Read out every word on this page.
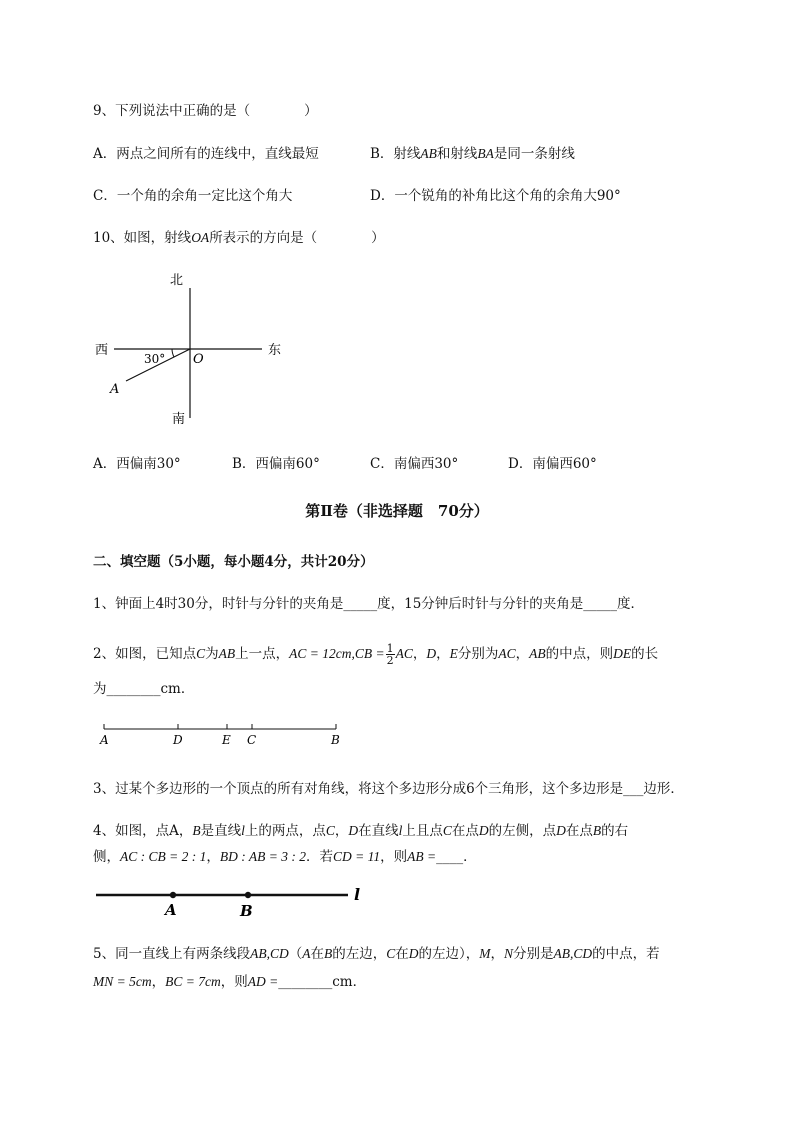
9、下列说法中正确的是（　　　　）
A．两点之间所有的连线中，直线最短	B．射线AB和射线BA是同一条射线
C．一个角的余角一定比这个角大	D．一个锐角的补角比这个角的余角大90°
10、如图，射线OA所表示的方向是（　　　　）
北
南
西	东
O
A
30°
A．西偏南30°	B．西偏南60°	C．南偏西30°	D．南偏西60°
第Ⅱ卷（非选择题　70分）
二、填空题（5小题，每小题4分，共计20分）
1、钟面上4时30分，时针与分针的夹角是_____度，15分钟后时针与分针的夹角是_____度．
2、如图，已知点C为AB上一点，AC = $12cm,CB = \frac{1}{2}$ AC，D，E分别为AC，AB的中点，则DE的长
为________cm．
A	D	E C	B
3、过某个多边形的一个顶点的所有对角线，将这个多边形分成6个三角形，这个多边形是___边形．
4、如图，点A，B是直线l上的两点，点C，D在直线l上且点C在点D的左侧，点D在点B的右
侧，AC : CB = 2 : 1，BD : AB = 3 : 2．若CD = 11，则AB =____．
A	B
l
5、同一直线上有两条线段AB,CD（A在B的左边，C在D的左边），M，N分别是AB,CD的中点，若
MN = 5cm，BC = 7cm，则AD =________cm．
